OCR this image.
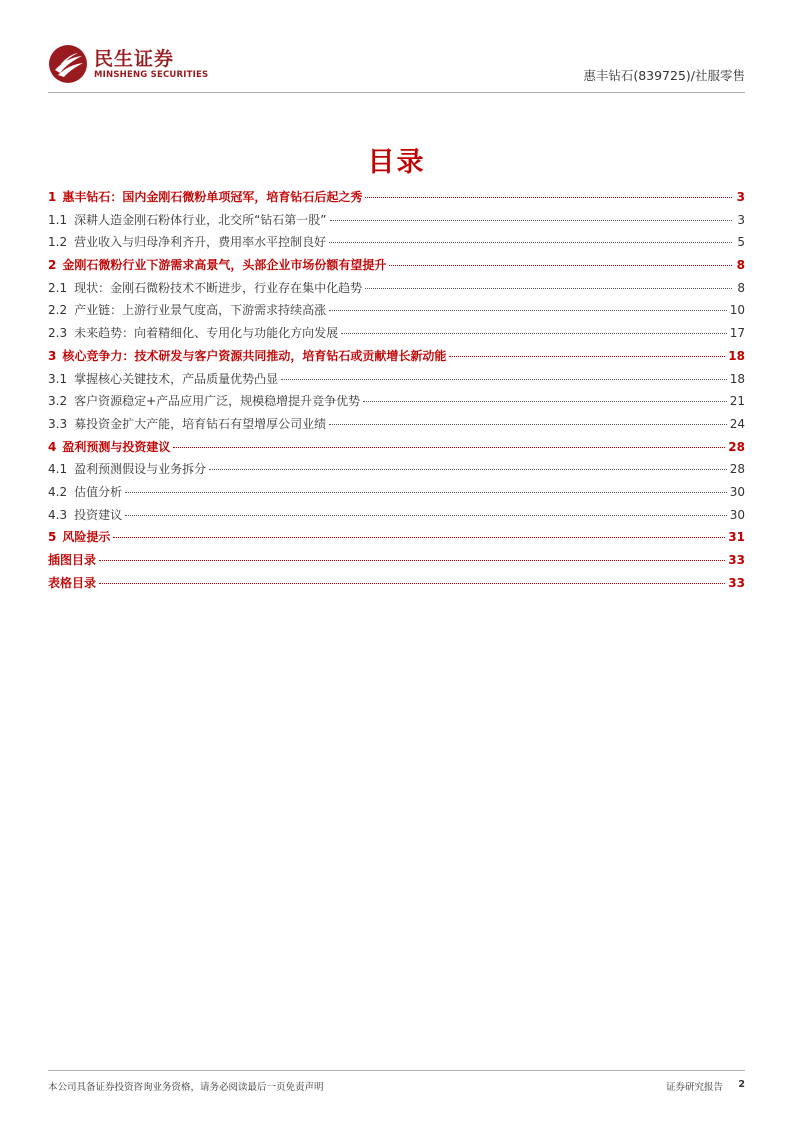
民生证券
MINSHENG SECURITIES	惠丰钻石(839725)/社服零售
目录
1 惠丰钻石：国内金刚石微粉单项冠军，培育钻石后起之秀	3
1.1 深耕人造金刚石粉体行业，北交所“钻石第一股”	3
1.2 营业收入与归母净利齐升，费用率水平控制良好	5
2 金刚石微粉行业下游需求高景气，头部企业市场份额有望提升	8
2.1 现状：金刚石微粉技术不断进步，行业存在集中化趋势	8
2.2 产业链：上游行业景气度高，下游需求持续高涨	10
2.3 未来趋势：向着精细化、专用化与功能化方向发展	17
3 核心竞争力：技术研发与客户资源共同推动，培育钻石或贡献增长新动能	18
3.1 掌握核心关键技术，产品质量优势凸显	18
3.2 客户资源稳定+产品应用广泛，规模稳增提升竞争优势	21
3.3 募投资金扩大产能，培育钻石有望增厚公司业绩	24
4 盈利预测与投资建议	28
4.1 盈利预测假设与业务拆分	28
4.2 估值分析	30
4.3 投资建议	30
5 风险提示	31
插图目录	33
表格目录	33
本公司具备证券投资咨询业务资格，请务必阅读最后一页免责声明	证券研究报告 2
